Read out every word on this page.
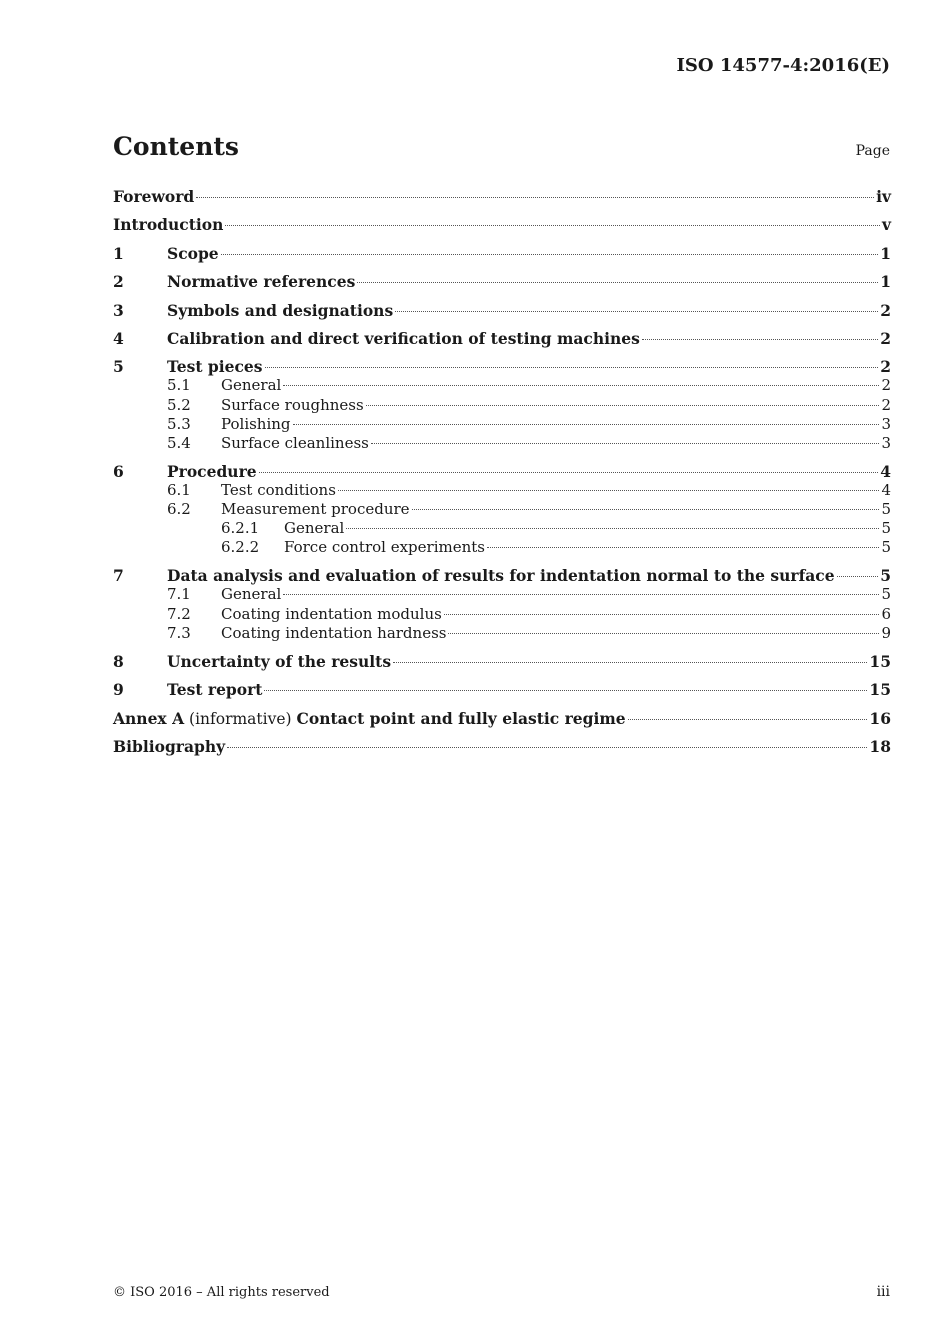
ISO 14577-4:2016(E)
Contents	Page
Foreword	iv
Introduction	v
1	Scope	1
2	Normative references	1
3	Symbols and designations	2
4	Calibration and direct verification of testing machines	2
5	Test pieces	2
5.1	General	2
5.2	Surface roughness	2
5.3	Polishing	3
5.4	Surface cleanliness	3
6	Procedure	4
6.1	Test conditions	4
6.2	Measurement procedure	5
6.2.1	General	5
6.2.2	Force control experiments	5
7	Data analysis and evaluation of results for indentation normal to the surface	5
7.1	General	5
7.2	Coating indentation modulus	6
7.3	Coating indentation hardness	9
8	Uncertainty of the results	15
9	Test report	15
Annex A (informative) Contact point and fully elastic regime	16
Bibliography	18
© ISO 2016 – All rights reserved	iii
